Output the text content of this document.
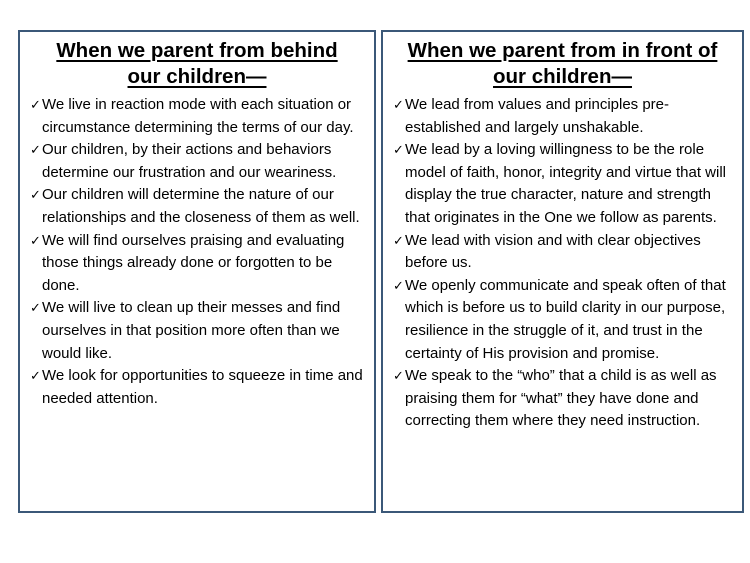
When we parent from behind
our children—
✓ We live in reaction mode with each situation or circumstance determining the terms of our day.
✓ Our children, by their actions and behaviors determine our frustration and our weariness.
✓ Our children will determine the nature of our relationships and the closeness of them as well.
✓ We will find ourselves praising and evaluating those things already done or forgotten to be done.
✓ We will live to clean up their messes and find ourselves in that position more often than we would like.
✓ We look for opportunities to squeeze in time and needed attention.
When we parent from in front of
our children—
✓ We lead from values and principles pre-established and largely unshakable.
✓ We lead by a loving willingness to be the role model of faith, honor, integrity and virtue that will display the true character, nature and strength that originates in the One we follow as parents.
✓ We lead with vision and with clear objectives before us.
✓ We openly communicate and speak often of that which is before us to build clarity in our purpose, resilience in the struggle of it, and trust in the certainty of His provision and promise.
✓ We speak to the “who” that a child is as well as praising them for “what” they have done and correcting them where they need instruction.
